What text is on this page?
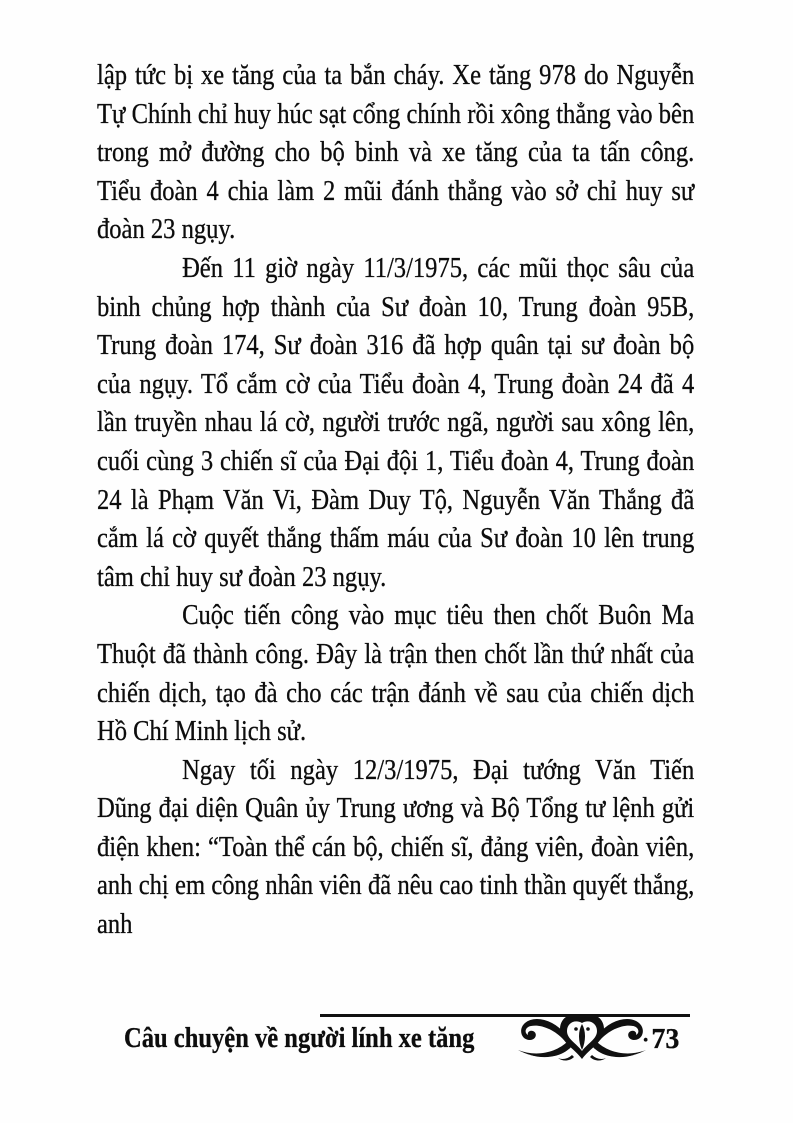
lập tức bị xe tăng của ta bắn cháy. Xe tăng 978 do Nguyễn Tự Chính chỉ huy húc sạt cổng chính rồi xông thẳng vào bên trong mở đường cho bộ binh và xe tăng của ta tấn công. Tiểu đoàn 4 chia làm 2 mũi đánh thẳng vào sở chỉ huy sư đoàn 23 ngụy.

Đến 11 giờ ngày 11/3/1975, các mũi thọc sâu của binh chủng hợp thành của Sư đoàn 10, Trung đoàn 95B, Trung đoàn 174, Sư đoàn 316 đã hợp quân tại sư đoàn bộ của ngụy. Tổ cắm cờ của Tiểu đoàn 4, Trung đoàn 24 đã 4 lần truyền nhau lá cờ, người trước ngã, người sau xông lên, cuối cùng 3 chiến sĩ của Đại đội 1, Tiểu đoàn 4, Trung đoàn 24 là Phạm Văn Vi, Đàm Duy Tộ, Nguyễn Văn Thắng đã cắm lá cờ quyết thắng thấm máu của Sư đoàn 10 lên trung tâm chỉ huy sư đoàn 23 ngụy.

Cuộc tiến công vào mục tiêu then chốt Buôn Ma Thuột đã thành công. Đây là trận then chốt lần thứ nhất của chiến dịch, tạo đà cho các trận đánh về sau của chiến dịch Hồ Chí Minh lịch sử.

Ngay tối ngày 12/3/1975, Đại tướng Văn Tiến Dũng đại diện Quân ủy Trung ương và Bộ Tổng tư lệnh gửi điện khen: “Toàn thể cán bộ, chiến sĩ, đảng viên, đoàn viên, anh chị em công nhân viên đã nêu cao tinh thần quyết thắng, anh

Câu chuyện về người lính xe tăng	· 73
